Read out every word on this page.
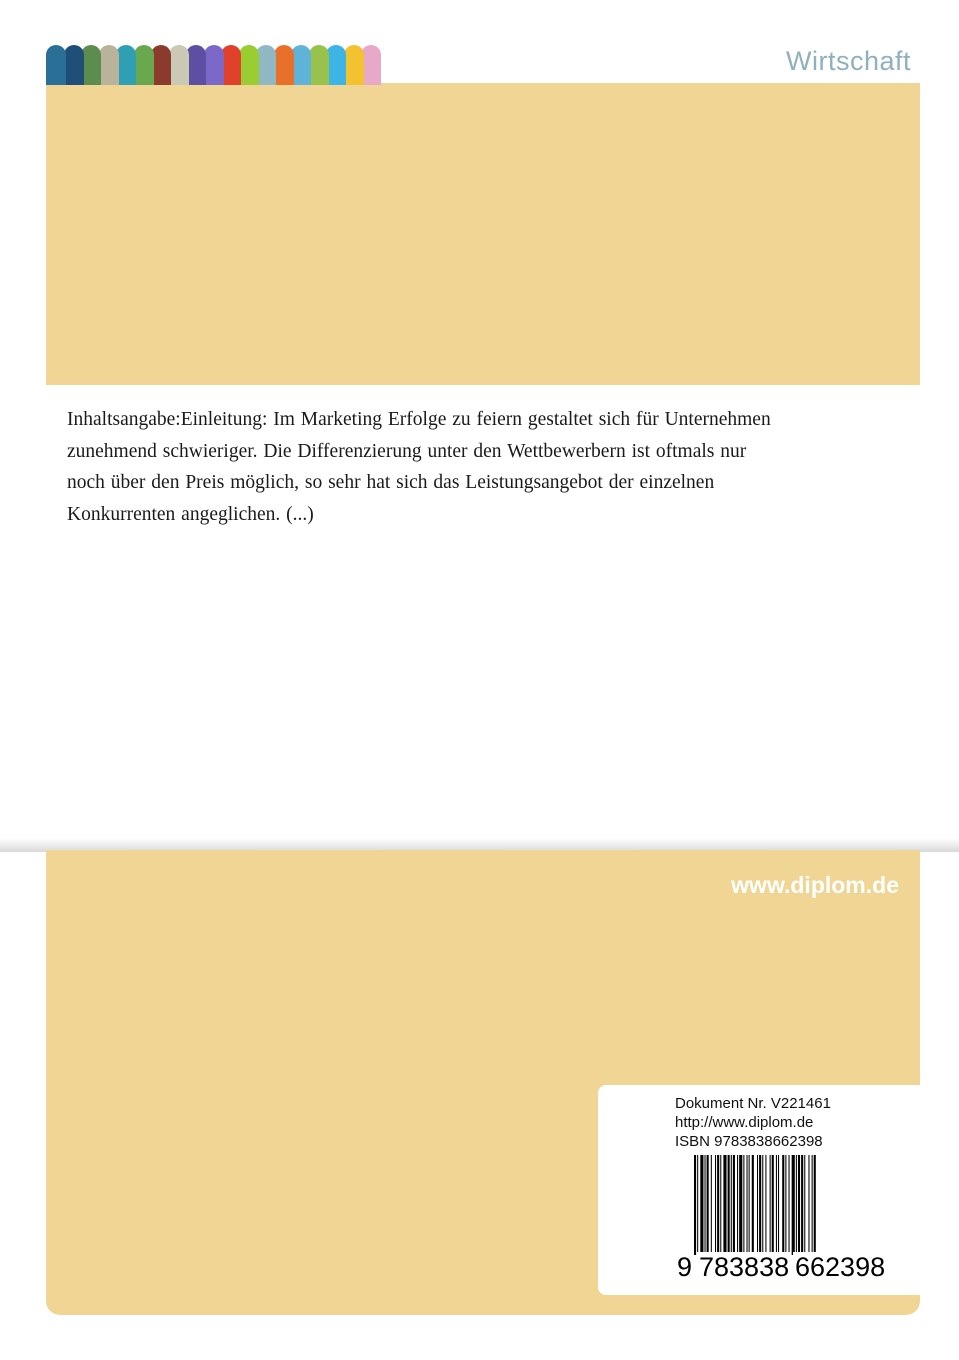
Wirtschaft
Inhaltsangabe:Einleitung: Im Marketing Erfolge zu feiern gestaltet sich für Unternehmen
zunehmend schwieriger. Die Differenzierung unter den Wettbewerbern ist oftmals nur
noch über den Preis möglich, so sehr hat sich das Leistungsangebot der einzelnen
Konkurrenten angeglichen. (...)
www.diplom.de
Dokument Nr. V221461
http://www.diplom.de
ISBN 9783838662398
9 783838 662398
